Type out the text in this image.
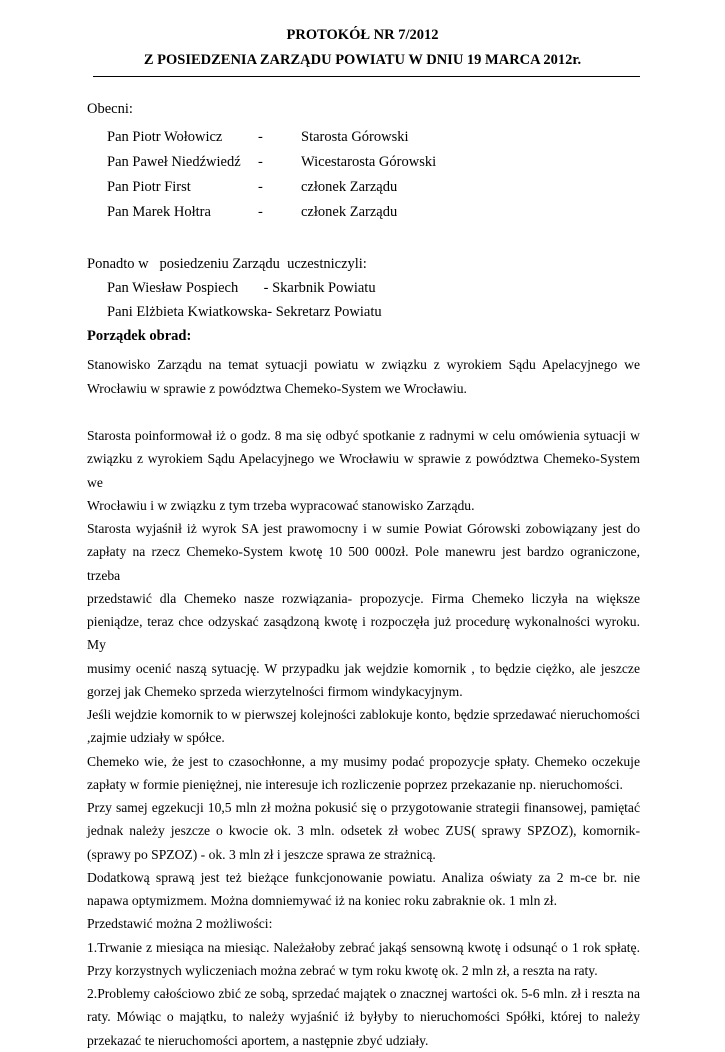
PROTOKÓŁ NR 7/2012
Z POSIEDZENIA ZARZĄDU POWIATU W DNIU 19 MARCA 2012r.
Obecni:
Pan Piotr Wołowicz -	Starosta Górowski
Pan Paweł Niedźwiedź -	Wicestarosta Górowski
Pan Piotr First	-	członek Zarządu
Pan Marek Hołtra	-	członek Zarządu
Ponadto w   posiedzeniu Zarządu  uczestniczyli:
Pan Wiesław Pospiech       - Skarbnik Powiatu
Pani Elżbieta Kwiatkowska- Sekretarz Powiatu
Porządek obrad:

Stanowisko Zarządu na temat sytuacji powiatu w związku z wyrokiem Sądu Apelacyjnego we

Wrocławiu w sprawie z powództwa Chemeko-System we Wrocławiu.

Starosta poinformował iż o godz. 8 ma się odbyć spotkanie z radnymi w celu omówienia sytuacji w

związku z wyrokiem Sądu Apelacyjnego we Wrocławiu w sprawie z powództwa Chemeko-System we

Wrocławiu i w związku z tym trzeba wypracować stanowisko Zarządu.

Starosta wyjaśnił iż wyrok SA jest prawomocny i w sumie Powiat Górowski zobowiązany jest do

zapłaty na rzecz Chemeko-System kwotę 10 500 000zł. Pole manewru jest bardzo ograniczone, trzeba

przedstawić dla Chemeko nasze rozwiązania- propozycje. Firma Chemeko liczyła na większe

pieniądze, teraz chce odzyskać zasądzoną kwotę i rozpoczęła już procedurę wykonalności wyroku. My

musimy ocenić naszą sytuację. W przypadku jak wejdzie komornik , to będzie ciężko, ale jeszcze

gorzej jak Chemeko sprzeda wierzytelności firmom windykacyjnym.

Jeśli wejdzie komornik to w pierwszej kolejności zablokuje konto, będzie sprzedawać nieruchomości

,zajmie udziały w spółce.

Chemeko wie, że jest to czasochłonne, a my musimy podać propozycje spłaty. Chemeko oczekuje

zapłaty w formie pieniężnej, nie interesuje ich rozliczenie poprzez przekazanie np. nieruchomości.

Przy samej egzekucji 10,5 mln zł można pokusić się o przygotowanie strategii finansowej, pamiętać

jednak należy jeszcze o kwocie ok. 3 mln. odsetek zł wobec ZUS( sprawy SPZOZ), komornik-

(sprawy po SPZOZ) - ok. 3 mln zł i jeszcze sprawa ze strażnicą.

Dodatkową sprawą jest też bieżące funkcjonowanie powiatu. Analiza oświaty za 2 m-ce br. nie

napawa optymizmem. Można domniemywać iż na koniec roku zabraknie ok. 1 mln zł.

Przedstawić można 2 możliwości:

1.Trwanie z miesiąca na miesiąc. Należałoby zebrać jakąś sensowną kwotę i odsunąć o 1 rok spłatę.

Przy korzystnych wyliczeniach można zebrać w tym roku kwotę ok. 2 mln zł, a reszta na raty.

2.Problemy całościowo zbić ze sobą, sprzedać majątek o znacznej wartości ok. 5-6 mln. zł i reszta na

raty. Mówiąc o majątku, to należy wyjaśnić iż byłyby to nieruchomości Spółki, której to należy

przekazać te nieruchomości aportem, a następnie zbyć udziały.
